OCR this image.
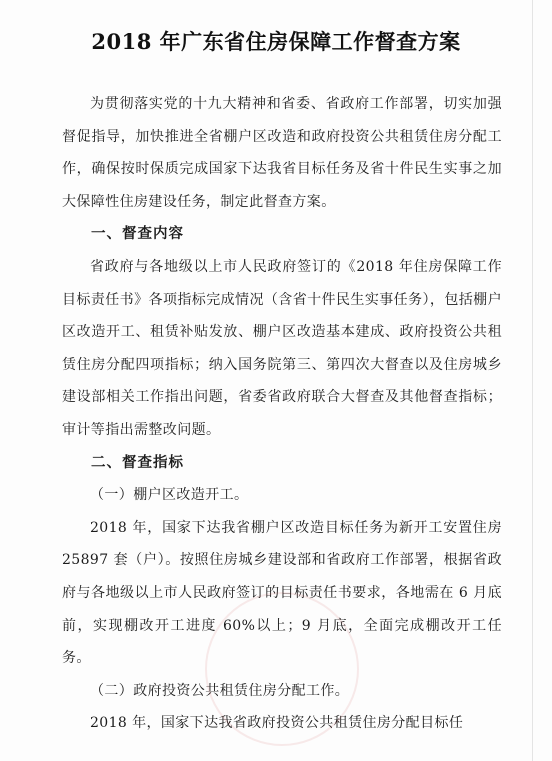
2018 年广东省住房保障工作督查方案

为贯彻落实党的十九大精神和省委、省政府工作部署，切实加强督促指导，加快推进全省棚户区改造和政府投资公共租赁住房分配工作，确保按时保质完成国家下达我省目标任务及省十件民生实事之加大保障性住房建设任务，制定此督查方案。

一、督查内容

省政府与各地级以上市人民政府签订的《2018 年住房保障工作目标责任书》各项指标完成情况（含省十件民生实事任务），包括棚户区改造开工、租赁补贴发放、棚户区改造基本建成、政府投资公共租赁住房分配四项指标；纳入国务院第三、第四次大督查以及住房城乡建设部相关工作指出问题，省委省政府联合大督查及其他督查指标；审计等指出需整改问题。

二、督查指标

（一）棚户区改造开工。

2018 年，国家下达我省棚户区改造目标任务为新开工安置住房 25897 套（户）。按照住房城乡建设部和省政府工作部署，根据省政府与各地级以上市人民政府签订的目标责任书要求，各地需在 6 月底前，实现棚改开工进度 60%以上；9 月底，全面完成棚改开工任务。

（二）政府投资公共租赁住房分配工作。

2018 年，国家下达我省政府投资公共租赁住房分配目标任
